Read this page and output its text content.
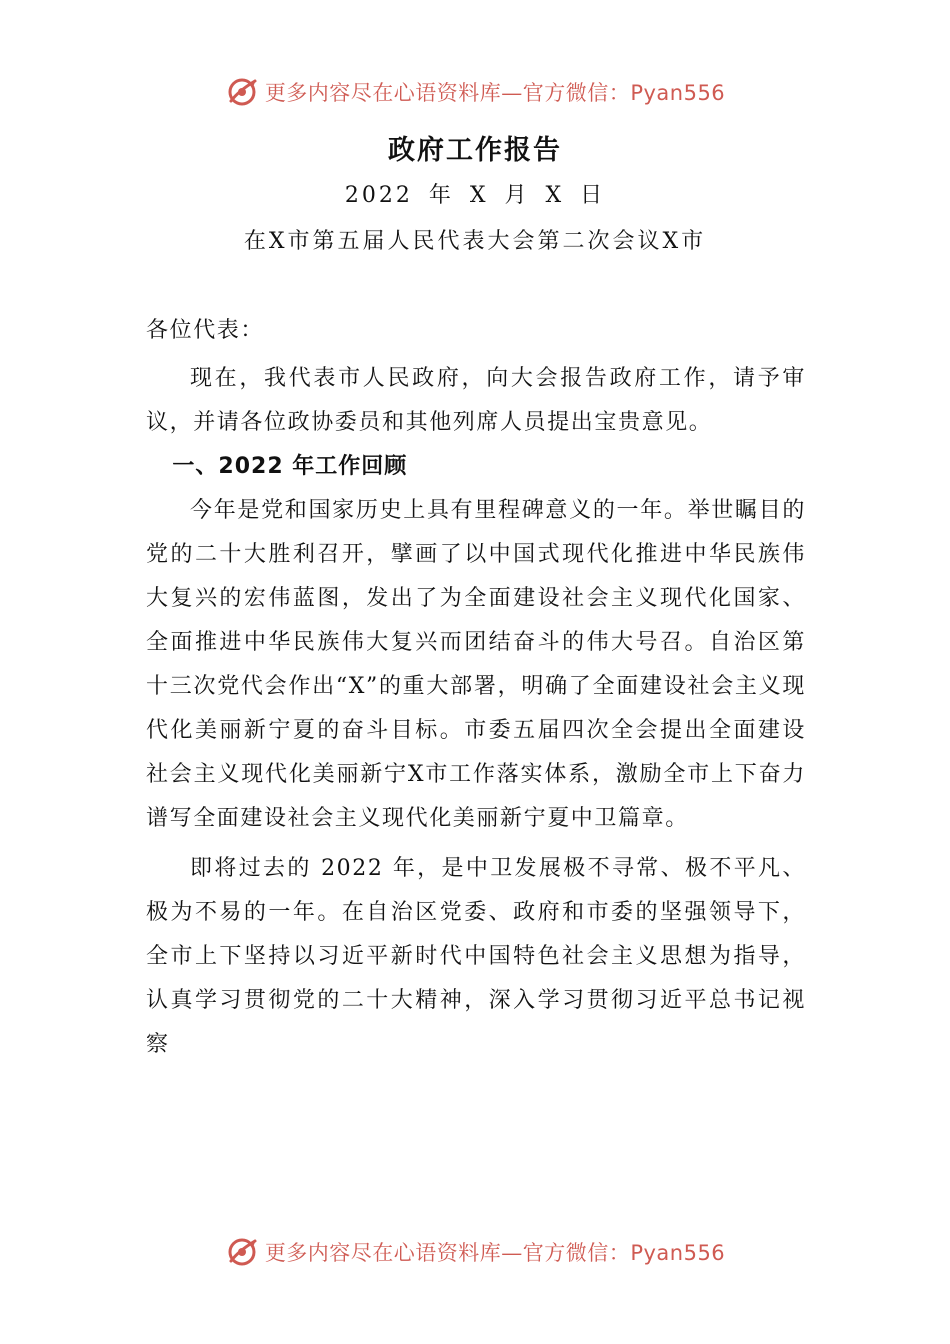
更多内容尽在心语资料库—官方微信：Pyan556
政府工作报告
2022 年 X 月 X 日
在X市第五届人民代表大会第二次会议X市

各位代表：

现在，我代表市人民政府，向大会报告政府工作，请予审议，并请各位政协委员和其他列席人员提出宝贵意见。

一、2022 年工作回顾

今年是党和国家历史上具有里程碑意义的一年。举世瞩目的党的二十大胜利召开，擘画了以中国式现代化推进中华民族伟大复兴的宏伟蓝图，发出了为全面建设社会主义现代化国家、全面推进中华民族伟大复兴而团结奋斗的伟大号召。自治区第十三次党代会作出“X”的重大部署，明确了全面建设社会主义现代化美丽新宁夏的奋斗目标。市委五届四次全会提出全面建设社会主义现代化美丽新宁X市工作落实体系，激励全市上下奋力谱写全面建设社会主义现代化美丽新宁夏中卫篇章。

即将过去的 2022 年，是中卫发展极不寻常、极不平凡、极为不易的一年。在自治区党委、政府和市委的坚强领导下，全市上下坚持以习近平新时代中国特色社会主义思想为指导，认真学习贯彻党的二十大精神，深入学习贯彻习近平总书记视察

更多内容尽在心语资料库—官方微信：Pyan556
